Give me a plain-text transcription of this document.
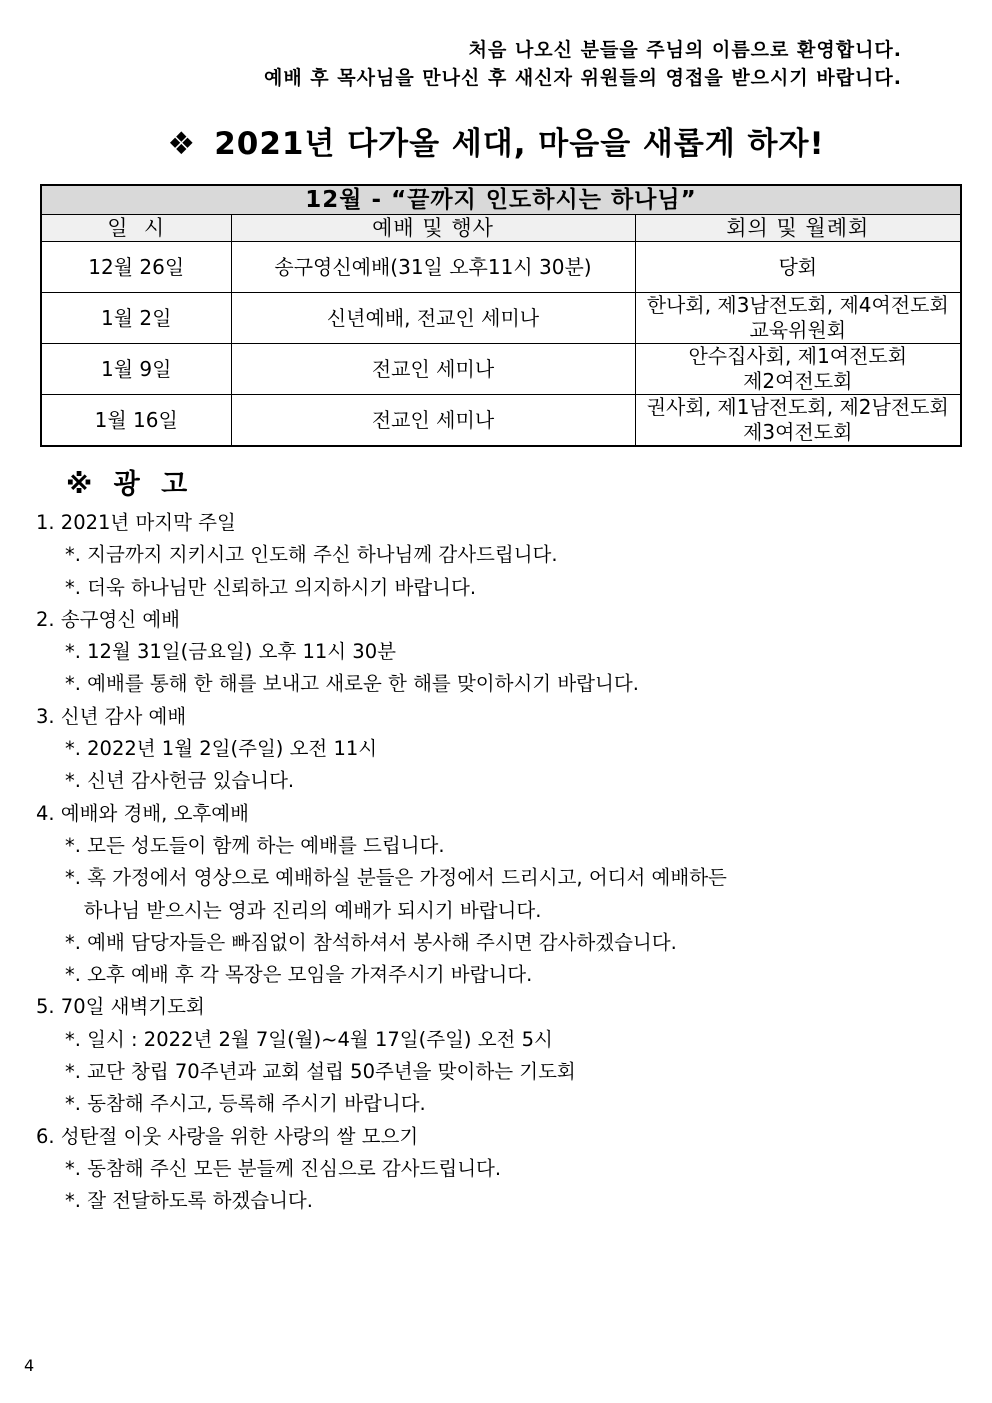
처음 나오신 분들을 주님의 이름으로 환영합니다.
예배 후 목사님을 만나신 후 새신자 위원들의 영접을 받으시기 바랍니다.
❖ 2021년 다가올 세대, 마음을 새롭게 하자!
12월 - “끝까지 인도하시는 하나님”		
일  시	예배 및 행사	회의 및 월례회
12월 26일	송구영신예배(31일 오후11시 30분)	당회

1월 2일	신년예배, 전교인 세미나	한나회, 제3남전도회, 제4여전도회
교육위원회

1월 9일	전교인 세미나	안수집사회, 제1여전도회
제2여전도회

1월 16일	전교인 세미나	권사회, 제1남전도회, 제2남전도회
제3여전도회
※ 광 고
1. 2021년 마지막 주일
*. 지금까지 지키시고 인도해 주신 하나님께 감사드립니다.
*. 더욱 하나님만 신뢰하고 의지하시기 바랍니다.
2. 송구영신 예배
*. 12월 31일(금요일) 오후 11시 30분
*. 예배를 통해 한 해를 보내고 새로운 한 해를 맞이하시기 바랍니다.
3. 신년 감사 예배
*. 2022년 1월 2일(주일) 오전 11시
*. 신년 감사헌금 있습니다.
4. 예배와 경배, 오후예배
*. 모든 성도들이 함께 하는 예배를 드립니다.
*. 혹 가정에서 영상으로 예배하실 분들은 가정에서 드리시고, 어디서 예배하든
하나님 받으시는 영과 진리의 예배가 되시기 바랍니다.
*. 예배 담당자들은 빠짐없이 참석하셔서 봉사해 주시면 감사하겠습니다.
*. 오후 예배 후 각 목장은 모임을 가져주시기 바랍니다.
5. 70일 새벽기도회
*. 일시 : 2022년 2월 7일(월)~4월 17일(주일) 오전 5시
*. 교단 창립 70주년과 교회 설립 50주년을 맞이하는 기도회
*. 동참해 주시고, 등록해 주시기 바랍니다.
6. 성탄절 이웃 사랑을 위한 사랑의 쌀 모으기
*. 동참해 주신 모든 분들께 진심으로 감사드립니다.
*. 잘 전달하도록 하겠습니다.
4
